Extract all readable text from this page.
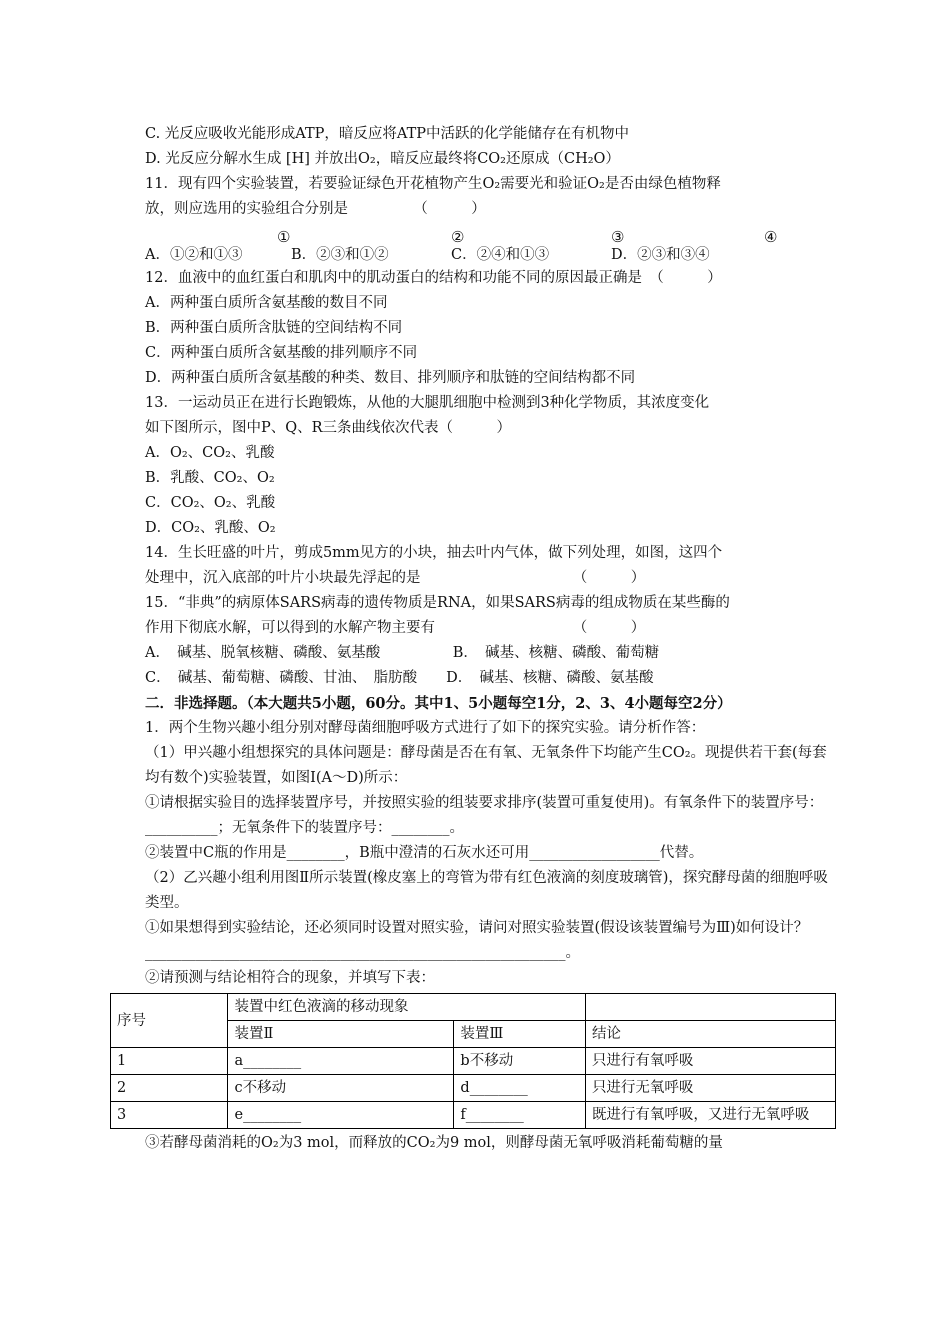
C. 光反应吸收光能形成ATP，暗反应将ATP中活跃的化学能储存在有机物中
D. 光反应分解水生成 [H] 并放出O₂，暗反应最终将CO₂还原成（CH₂O）
11．现有四个实验装置，若要验证绿色开花植物产生O₂需要光和验证O₂是否由绿色植物释
放，则应选用的实验组合分别是　　　　　（　　　）
①	②	③	④
A．①②和①③	B．②③和①②	C．②④和①③	D．②③和③④
12．血液中的血红蛋白和肌肉中的肌动蛋白的结构和功能不同的原因最正确是　（　　　）
A．两种蛋白质所含氨基酸的数目不同
B．两种蛋白质所含肽链的空间结构不同
C．两种蛋白质所含氨基酸的排列顺序不同
D．两种蛋白质所含氨基酸的种类、数目、排列顺序和肽链的空间结构都不同
13．一运动员正在进行长跑锻炼，从他的大腿肌细胞中检测到3种化学物质，其浓度变化
如下图所示，图中P、Q、R三条曲线依次代表（　　　）
A．O₂、CO₂、乳酸
B．乳酸、CO₂、O₂
C．CO₂、O₂、乳酸
D．CO₂、乳酸、O₂
14．生长旺盛的叶片，剪成5mm见方的小块，抽去叶内气体，做下列处理，如图，这四个
处理中，沉入底部的叶片小块最先浮起的是　　　　　　　　　　　（　　　）
15．“非典”的病原体SARS病毒的遗传物质是RNA，如果SARS病毒的组成物质在某些酶的
作用下彻底水解，可以得到的水解产物主要有　　　　　　　　　　（　　　）
A．　碱基、脱氧核糖、磷酸、氨基酸　　　　　B．　碱基、核糖、磷酸、葡萄糖
C．　碱基、葡萄糖、磷酸、甘油、　脂肪酸　　D．　碱基、核糖、磷酸、氨基酸
二．非选择题。（本大题共5小题，60分。其中1、5小题每空1分，2、3、4小题每空2分）
1．两个生物兴趣小组分别对酵母菌细胞呼吸方式进行了如下的探究实验。请分析作答：
（1）甲兴趣小组想探究的具体问题是：酵母菌是否在有氧、无氧条件下均能产生CO₂。现提供若干套(每套均有数个)实验装置，如图Ⅰ(A～D)所示：
①请根据实验目的选择装置序号，并按照实验的组装要求排序(装置可重复使用)。有氧条件下的装置序号：__________；无氧条件下的装置序号：________。
②装置中C瓶的作用是________，B瓶中澄清的石灰水还可用__________________代替。
（2）乙兴趣小组利用图Ⅱ所示装置(橡皮塞上的弯管为带有红色液滴的刻度玻璃管)，探究酵母菌的细胞呼吸类型。
①如果想得到实验结论，还必须同时设置对照实验，请问对照实验装置(假设该装置编号为Ⅲ)如何设计？__________________________________________________________。
②请预测与结论相符合的现象，并填写下表：
序号	装置中红色液滴的移动现象		
	装置Ⅱ	装置Ⅲ	结论
1	a________	b不移动	只进行有氧呼吸
2	c不移动	d________	只进行无氧呼吸
3	e________	f________	既进行有氧呼吸，又进行无氧呼吸
③若酵母菌消耗的O₂为3 mol，而释放的CO₂为9 mol，则酵母菌无氧呼吸消耗葡萄糖的量
